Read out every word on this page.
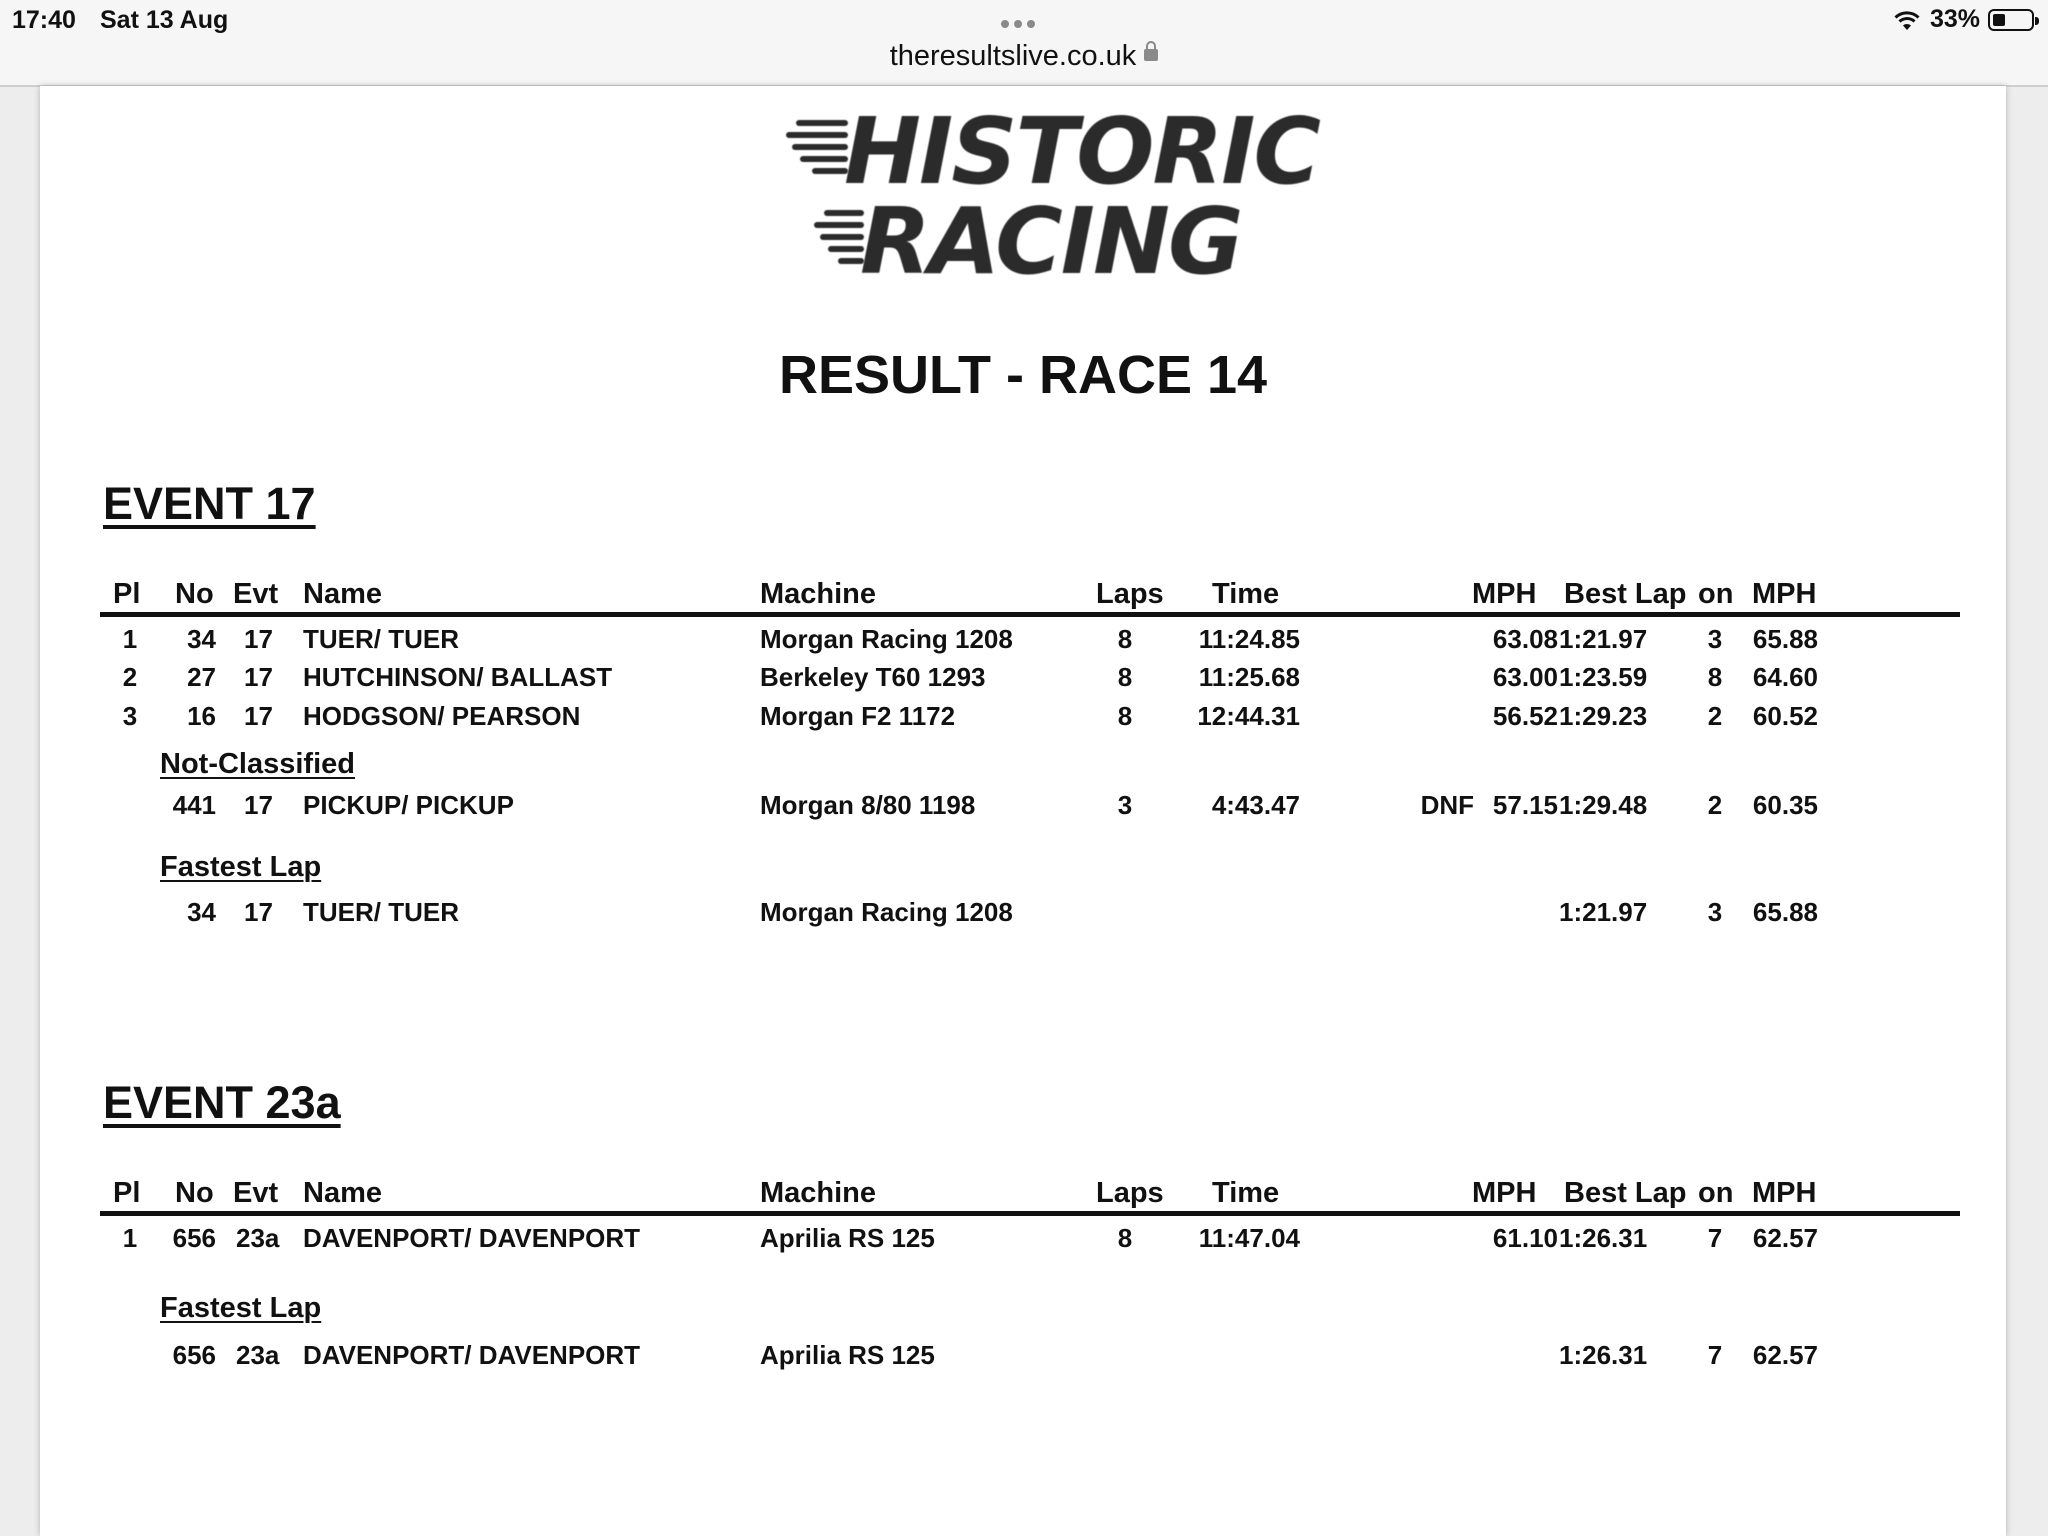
17:40 Sat 13 Aug	33%
theresultslive.co.uk
HISTORIC
RACING
RESULT - RACE 14
EVENT 17
Pl No Evt Name	Machine	Laps Time	MPH Best Lap on MPH
1	34 17 TUER/ TUER	Morgan Racing 1208	8	11:24.85	63.08 1:21.97 3	65.88
2	27 17 HUTCHINSON/ BALLAST	Berkeley T60 1293	8	11:25.68	63.00 1:23.59 8	64.60
3	16 17 HODGSON/ PEARSON	Morgan F2 1172	8	12:44.31	56.52 1:29.23 2	60.52
Not-Classified
441 17 PICKUP/ PICKUP	Morgan 8/80 1198	3	4:43.47	DNF 57.15 1:29.48 2	60.35
Fastest Lap
34 17 TUER/ TUER	Morgan Racing 1208	1:21.97 3	65.88
EVENT 23a
Pl No Evt Name	Machine	Laps Time	MPH Best Lap on MPH
1	656 23a DAVENPORT/ DAVENPORT	Aprilia RS 125	8	11:47.04	61.10 1:26.31 7	62.57
Fastest Lap
656 23a DAVENPORT/ DAVENPORT	Aprilia RS 125	1:26.31 7	62.57
